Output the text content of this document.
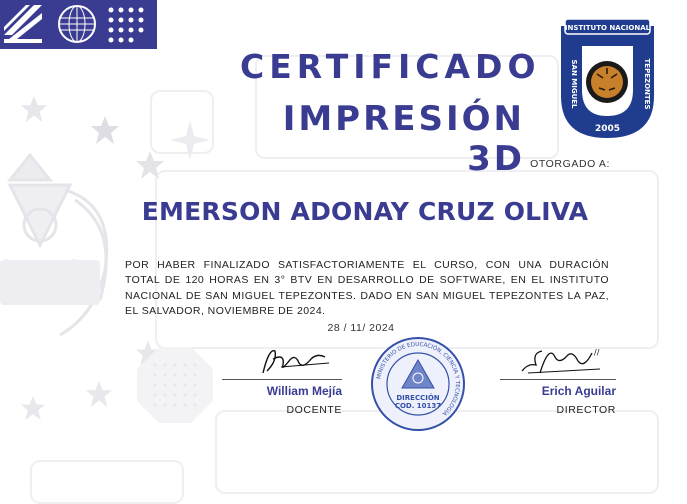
CERTIFICADO
IMPRESIÓN 3D
INSTITUTO NACIONAL
SAN MIGUEL	TEPEZONTES
2005
OTORGADO A:
EMERSON ADONAY CRUZ OLIVA
POR HABER FINALIZADO SATISFACTORIAMENTE EL CURSO, CON UNA DURACIÓN TOTAL DE 120 HORAS EN 3° BTV EN DESARROLLO DE SOFTWARE, EN EL INSTITUTO NACIONAL DE SAN MIGUEL TEPEZONTES. DADO EN SAN MIGUEL TEPEZONTES LA PAZ, EL SALVADOR, NOVIEMBRE DE 2024.
28 / 11/ 2024
William Mejía
DOCENTE
//
Erich Aguilar
DIRECTOR
MINISTERIO DE EDUCACIÓN, CIENCIA Y TECNOLOGÍA
DIRECCIÓN
COD. 10137
